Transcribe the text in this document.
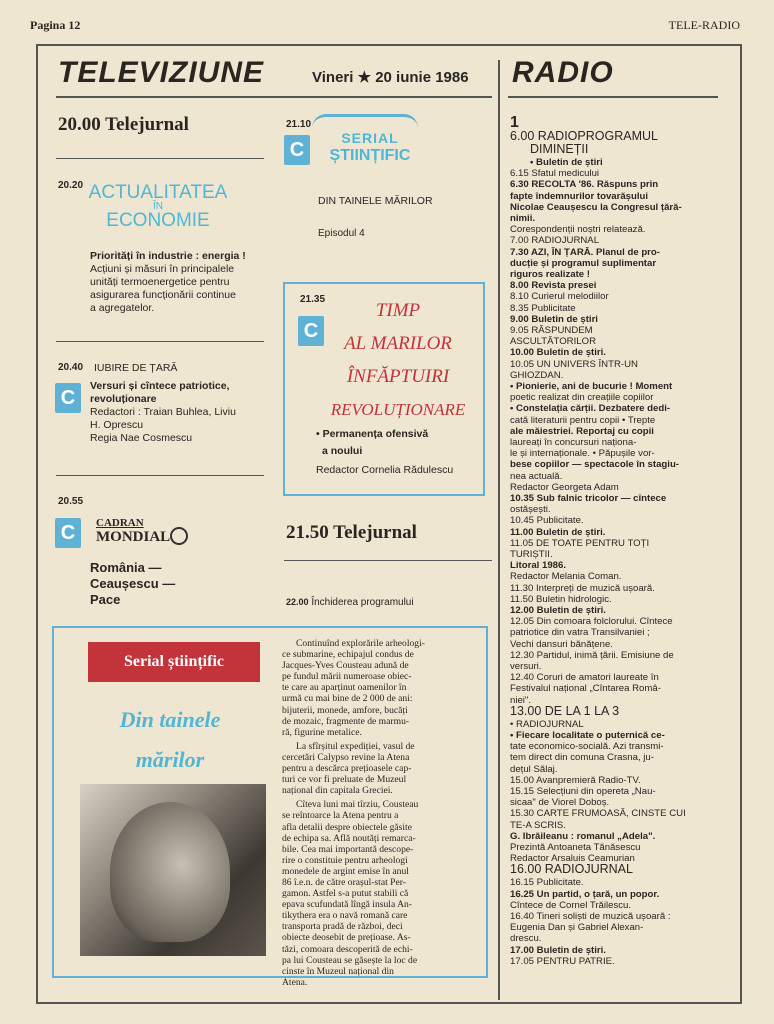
Pagina 12	TELE-RADIO
TELEVIZIUNE	Vineri ★ 20 iunie 1986 RADIO
20.00 Telejurnal
20.20 ACTUALITATEA
ÎN
ECONOMIE
Priorități în industrie : energia !
Acțiuni și măsuri în principalele
unități termoenergetice pentru
asigurarea funcționării continue
a agregatelor.
20.40 IUBIRE DE ȚARĂ
C
Versuri și cîntece patriotice,
revoluționare
Redactori : Traian Buhlea, Liviu
H. Oprescu
Regia Nae Cosmescu
20.55
C	CADRAN
MONDIAL
România —
Ceaușescu —
Pace
21.10
C
SERIAL
ȘTIINȚIFIC
DIN TAINELE MĂRILOR
Episodul 4
21.35
C
TIMP
AL MARILOR
ÎNFĂPTUIRI
REVOLUȚIONARE
• Permanența ofensivă
a noului
Redactor Cornelia Rădulescu
21.50 Telejurnal
22.00 Închiderea programului
Serial științific
Din tainele
mărilor
Continuînd explorările arheologi-
ce submarine, echipajul condus de
Jacques-Yves Cousteau adună de
pe fundul mării numeroase obiec-
te care au aparținut oamenilor în
urmă cu mai bine de 2 000 de ani:
bijuterii, monede, amfore, bucăți
de mozaic, fragmente de marmu-
ră, figurine metalice.
La sfîrșitul expediției, vasul de
cercetări Calypso revine la Atena
pentru a descărca prețioasele cap-
turi ce vor fi preluate de Muzeul
național din capitala Greciei.
Cîteva luni mai tîrziu, Cousteau
se reîntoarce la Atena pentru a
afla detalii despre obiectele găsite
de echipa sa. Află noutăți remarca-
bile. Cea mai importantă descope-
rire o constituie pentru arheologi
monedele de argint emise în anul
86 î.e.n. de către orașul-stat Per-
gamon. Astfel s-a putut stabili că
epava scufundată lîngă insula An-
tikythera era o navă romană care
transporta pradă de război, deci
obiecte deosebit de prețioase. As-
tăzi, comoara descoperită de echi-
pa lui Cousteau se găsește la loc de
cinste în Muzeul național din
Atena.
1
6.00 RADIOPROGRAMUL
DIMINEȚII
• Buletin de știri
6.15 Sfatul medicului
6.30 RECOLTA '86. Răspuns prin
fapte îndemnurilor tovarășului
Nicolae Ceaușescu la Congresul țără-
nimii.
Corespondenții noștri relatează.
7.00 RADIOJURNAL
7.30 AZI, ÎN ȚARĂ. Planul de pro-
ducție și programul suplimentar
riguros realizate !
8.00 Revista presei
8.10 Curierul melodiilor
8.35 Publicitate
9.00 Buletin de știri
9.05 RĂSPUNDEM
ASCULTĂTORILOR
10.00 Buletin de știri.
10.05 UN UNIVERS ÎNTR-UN
GHIOZDAN.
• Pionierie, ani de bucurie ! Moment
poetic realizat din creațiile copiilor
• Constelația cărții. Dezbatere dedi-
cată literaturii pentru copii • Trepte
ale măiestriei. Reportaj cu copii
laureați în concursuri naționa-
le și internaționale. • Păpușile vor-
bese copiilor — spectacole în stagiu-
nea actuală.
Redactor Georgeta Adam
10.35 Sub falnic tricolor — cîntece
ostășești.
10.45 Publicitate.
11.00 Buletin de știri.
11.05 DE TOATE PENTRU TOȚI
TURIȘTII.
Litoral 1986.
Redactor Melania Coman.
11.30 Interpreți de muzică ușoară.
11.50 Buletin hidrologic.
12.00 Buletin de știri.
12.05 Din comoara folclorului. Cîntece
patriotice din vatra Transilvaniei ;
Vechi dansuri bănățene.
12.30 Partidul, inimă țării. Emisiune de
versuri.
12.40 Coruri de amatori laureate în
Festivalul național „Cîntarea Româ-
niei".
13.00 DE LA 1 LA 3
• RADIOJURNAL
• Fiecare localitate o puternică ce-
tate economico-socială. Azi transmi-
tem direct din comuna Crasna, ju-
dețul Sălaj.
15.00 Avanpremieră Radio-TV.
15.15 Selecțiuni din opereta „Nau-
sicaa" de Viorel Doboș.
15.30 CARTE FRUMOASĂ, CINSTE CUI
TE-A SCRIS.
G. Ibrăileanu : romanul „Adela".
Prezintă Antoaneta Tănăsescu
Redactor Arsaluis Ceamurian
16.00 RADIOJURNAL
16.15 Publicitate.
16.25 Un partid, o țară, un popor.
Cîntece de Cornel Trăilescu.
16.40 Tineri soliști de muzică ușoară :
Eugenia Dan și Gabriel Alexan-
drescu.
17.00 Buletin de știri.
17.05 PENTRU PATRIE.
